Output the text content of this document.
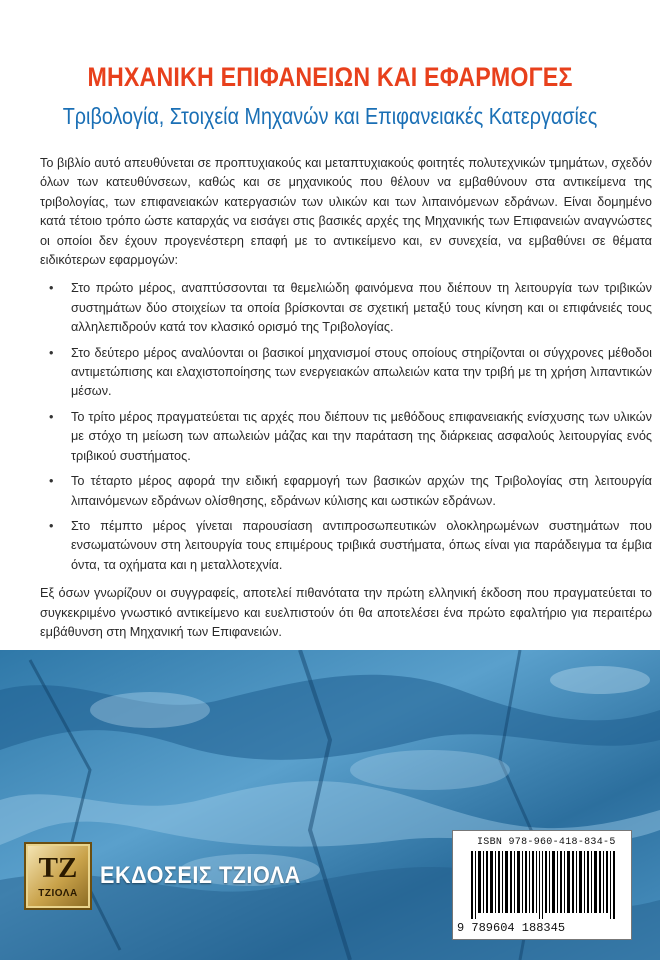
ΜΗΧΑΝΙΚΗ ΕΠΙΦΑΝΕΙΩΝ ΚΑΙ ΕΦΑΡΜΟΓΕΣ
Τριβολογία, Στοιχεία Μηχανών και Επιφανειακές Κατεργασίες

Το βιβλίο αυτό απευθύνεται σε προπτυχιακούς και μεταπτυχιακούς φοιτητές πολυτεχνικών τμημάτων, σχεδόν όλων των κατευθύνσεων, καθώς και σε μηχανικούς που θέλουν να εμβαθύνουν στα αντικείμενα της τριβολογίας, των επιφανειακών κατεργασιών των υλικών και των λιπαινόμενων εδράνων. Είναι δομημένο κατά τέτοιο τρόπο ώστε καταρχάς να εισάγει στις βασικές αρχές της Μηχανικής των Επιφανειών αναγνώστες οι οποίοι δεν έχουν προγενέστερη επαφή με το αντικείμενο και, εν συνεχεία, να εμβαθύνει σε θέματα ειδικότερων εφαρμογών:

• Στο πρώτο μέρος, αναπτύσσονται τα θεμελιώδη φαινόμενα που διέπουν τη λειτουργία των τριβικών συστημάτων δύο στοιχείων τα οποία βρίσκονται σε σχετική μεταξύ τους κίνηση και οι επιφάνειές τους αλληλεπιδρούν κατά τον κλασικό ορισμό της Τριβολογίας.
• Στο δεύτερο μέρος αναλύονται οι βασικοί μηχανισμοί στους οποίους στηρίζονται οι σύγχρονες μέθοδοι αντιμετώπισης και ελαχιστοποίησης των ενεργειακών απωλειών κατα την τριβή με τη χρήση λιπαντικών μέσων.
• Το τρίτο μέρος πραγματεύεται τις αρχές που διέπουν τις μεθόδους επιφανειακής ενίσχυσης των υλικών με στόχο τη μείωση των απωλειών μάζας και την παράταση της διάρκειας ασφαλούς λειτουργίας ενός τριβικού συστήματος.
• Το τέταρτο μέρος αφορά την ειδική εφαρμογή των βασικών αρχών της Τριβολογίας στη λειτουργία λιπαινόμενων εδράνων ολίσθησης, εδράνων κύλισης και ωστικών εδράνων.
• Στο πέμπτο μέρος γίνεται παρουσίαση αντιπροσωπευτικών ολοκληρωμένων συστημάτων που ενσωματώνουν στη λειτουργία τους επιμέρους τριβικά συστήματα, όπως είναι για παράδειγμα τα έμβια όντα, τα οχήματα και η μεταλλοτεχνία.

Εξ όσων γνωρίζουν οι συγγραφείς, αποτελεί πιθανότατα την πρώτη ελληνική έκδοση που πραγματεύεται το συγκεκριμένο γνωστικό αντικείμενο και ευελπιστούν ότι θα αποτελέσει ένα πρώτο εφαλτήριο για περαιτέρω εμβάθυνση στη Μηχανική των Επιφανειών.

ΤΖ
ΤΖΙΟΛΑ
ΕΚΔΟΣΕΙΣ ΤΖΙΟΛΑ
ISBN 978-960-418-834-5
9 789604 188345
